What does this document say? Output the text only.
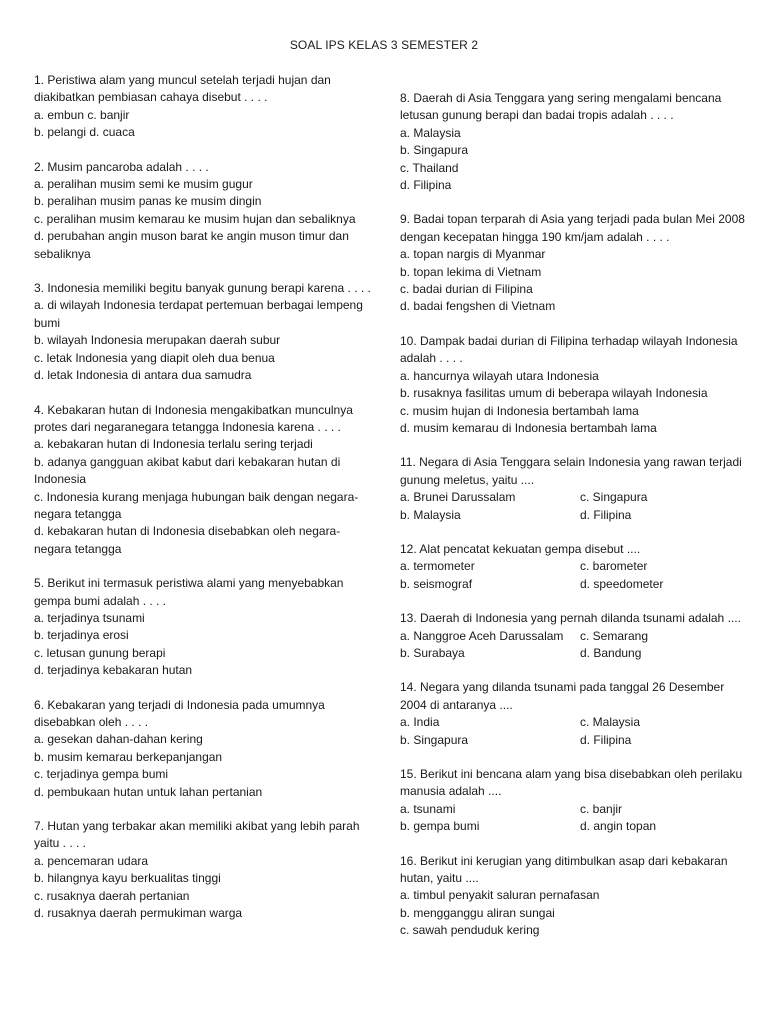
SOAL IPS KELAS 3 SEMESTER 2
1. Peristiwa alam yang muncul setelah terjadi hujan dan diakibatkan pembiasan cahaya disebut . . . .
a. embun c. banjir
b. pelangi d. cuaca
2. Musim pancaroba adalah . . . .
a. peralihan musim semi ke musim gugur
b. peralihan musim panas ke musim dingin
c. peralihan musim kemarau ke musim hujan dan sebaliknya
d. perubahan angin muson barat ke angin muson timur dan sebaliknya
3. Indonesia memiliki begitu banyak gunung berapi karena . . . .
a. di wilayah Indonesia terdapat pertemuan berbagai lempeng bumi
b. wilayah Indonesia merupakan daerah subur
c. letak Indonesia yang diapit oleh dua benua
d. letak Indonesia di antara dua samudra
4. Kebakaran hutan di Indonesia mengakibatkan munculnya protes dari negaranegara tetangga Indonesia karena . . . .
a. kebakaran hutan di Indonesia terlalu sering terjadi
b. adanya gangguan akibat kabut dari kebakaran hutan di Indonesia
c. Indonesia kurang menjaga hubungan baik dengan negara-negara tetangga
d. kebakaran hutan di Indonesia disebabkan oleh negara-negara tetangga
5. Berikut ini termasuk peristiwa alami yang menyebabkan gempa bumi adalah . . . .
a. terjadinya tsunami
b. terjadinya erosi
c. letusan gunung berapi
d. terjadinya kebakaran hutan
6. Kebakaran yang terjadi di Indonesia pada umumnya disebabkan oleh . . . .
a. gesekan dahan-dahan kering
b. musim kemarau berkepanjangan
c. terjadinya gempa bumi
d. pembukaan hutan untuk lahan pertanian
7. Hutan yang terbakar akan memiliki akibat yang lebih parah yaitu . . . .
a. pencemaran udara
b. hilangnya kayu berkualitas tinggi
c. rusaknya daerah pertanian
d. rusaknya daerah permukiman warga
8. Daerah di Asia Tenggara yang sering mengalami bencana letusan gunung berapi dan badai tropis adalah . . . .
a. Malaysia
b. Singapura
c. Thailand
d. Filipina
9. Badai topan terparah di Asia yang terjadi pada bulan Mei 2008 dengan kecepatan hingga 190 km/jam adalah . . . .
a. topan nargis di Myanmar
b. topan lekima di Vietnam
c. badai durian di Filipina
d. badai fengshen di Vietnam
10. Dampak badai durian di Filipina terhadap wilayah Indonesia adalah . . . .
a. hancurnya wilayah utara Indonesia
b. rusaknya fasilitas umum di beberapa wilayah Indonesia
c. musim hujan di Indonesia bertambah lama
d. musim kemarau di Indonesia bertambah lama
11. Negara di Asia Tenggara selain Indonesia yang rawan terjadi gunung meletus, yaitu ....
a. Brunei Darussalam	c. Singapura
b. Malaysia	d. Filipina
12. Alat pencatat kekuatan gempa disebut ....
a. termometer	c. barometer
b. seismograf	d. speedometer
13. Daerah di Indonesia yang pernah dilanda tsunami adalah ....
a. Nanggroe Aceh Darussalam	c. Semarang
b. Surabaya	d. Bandung
14. Negara yang dilanda tsunami pada tanggal 26 Desember 2004 di antaranya ....
a. India	c. Malaysia
b. Singapura	d. Filipina
15. Berikut ini bencana alam yang bisa disebabkan oleh perilaku manusia adalah ....
a. tsunami	c. banjir
b. gempa bumi	d. angin topan
16. Berikut ini kerugian yang ditimbulkan asap dari kebakaran hutan, yaitu ....
a. timbul penyakit saluran pernafasan
b. mengganggu aliran sungai
c. sawah penduduk kering
